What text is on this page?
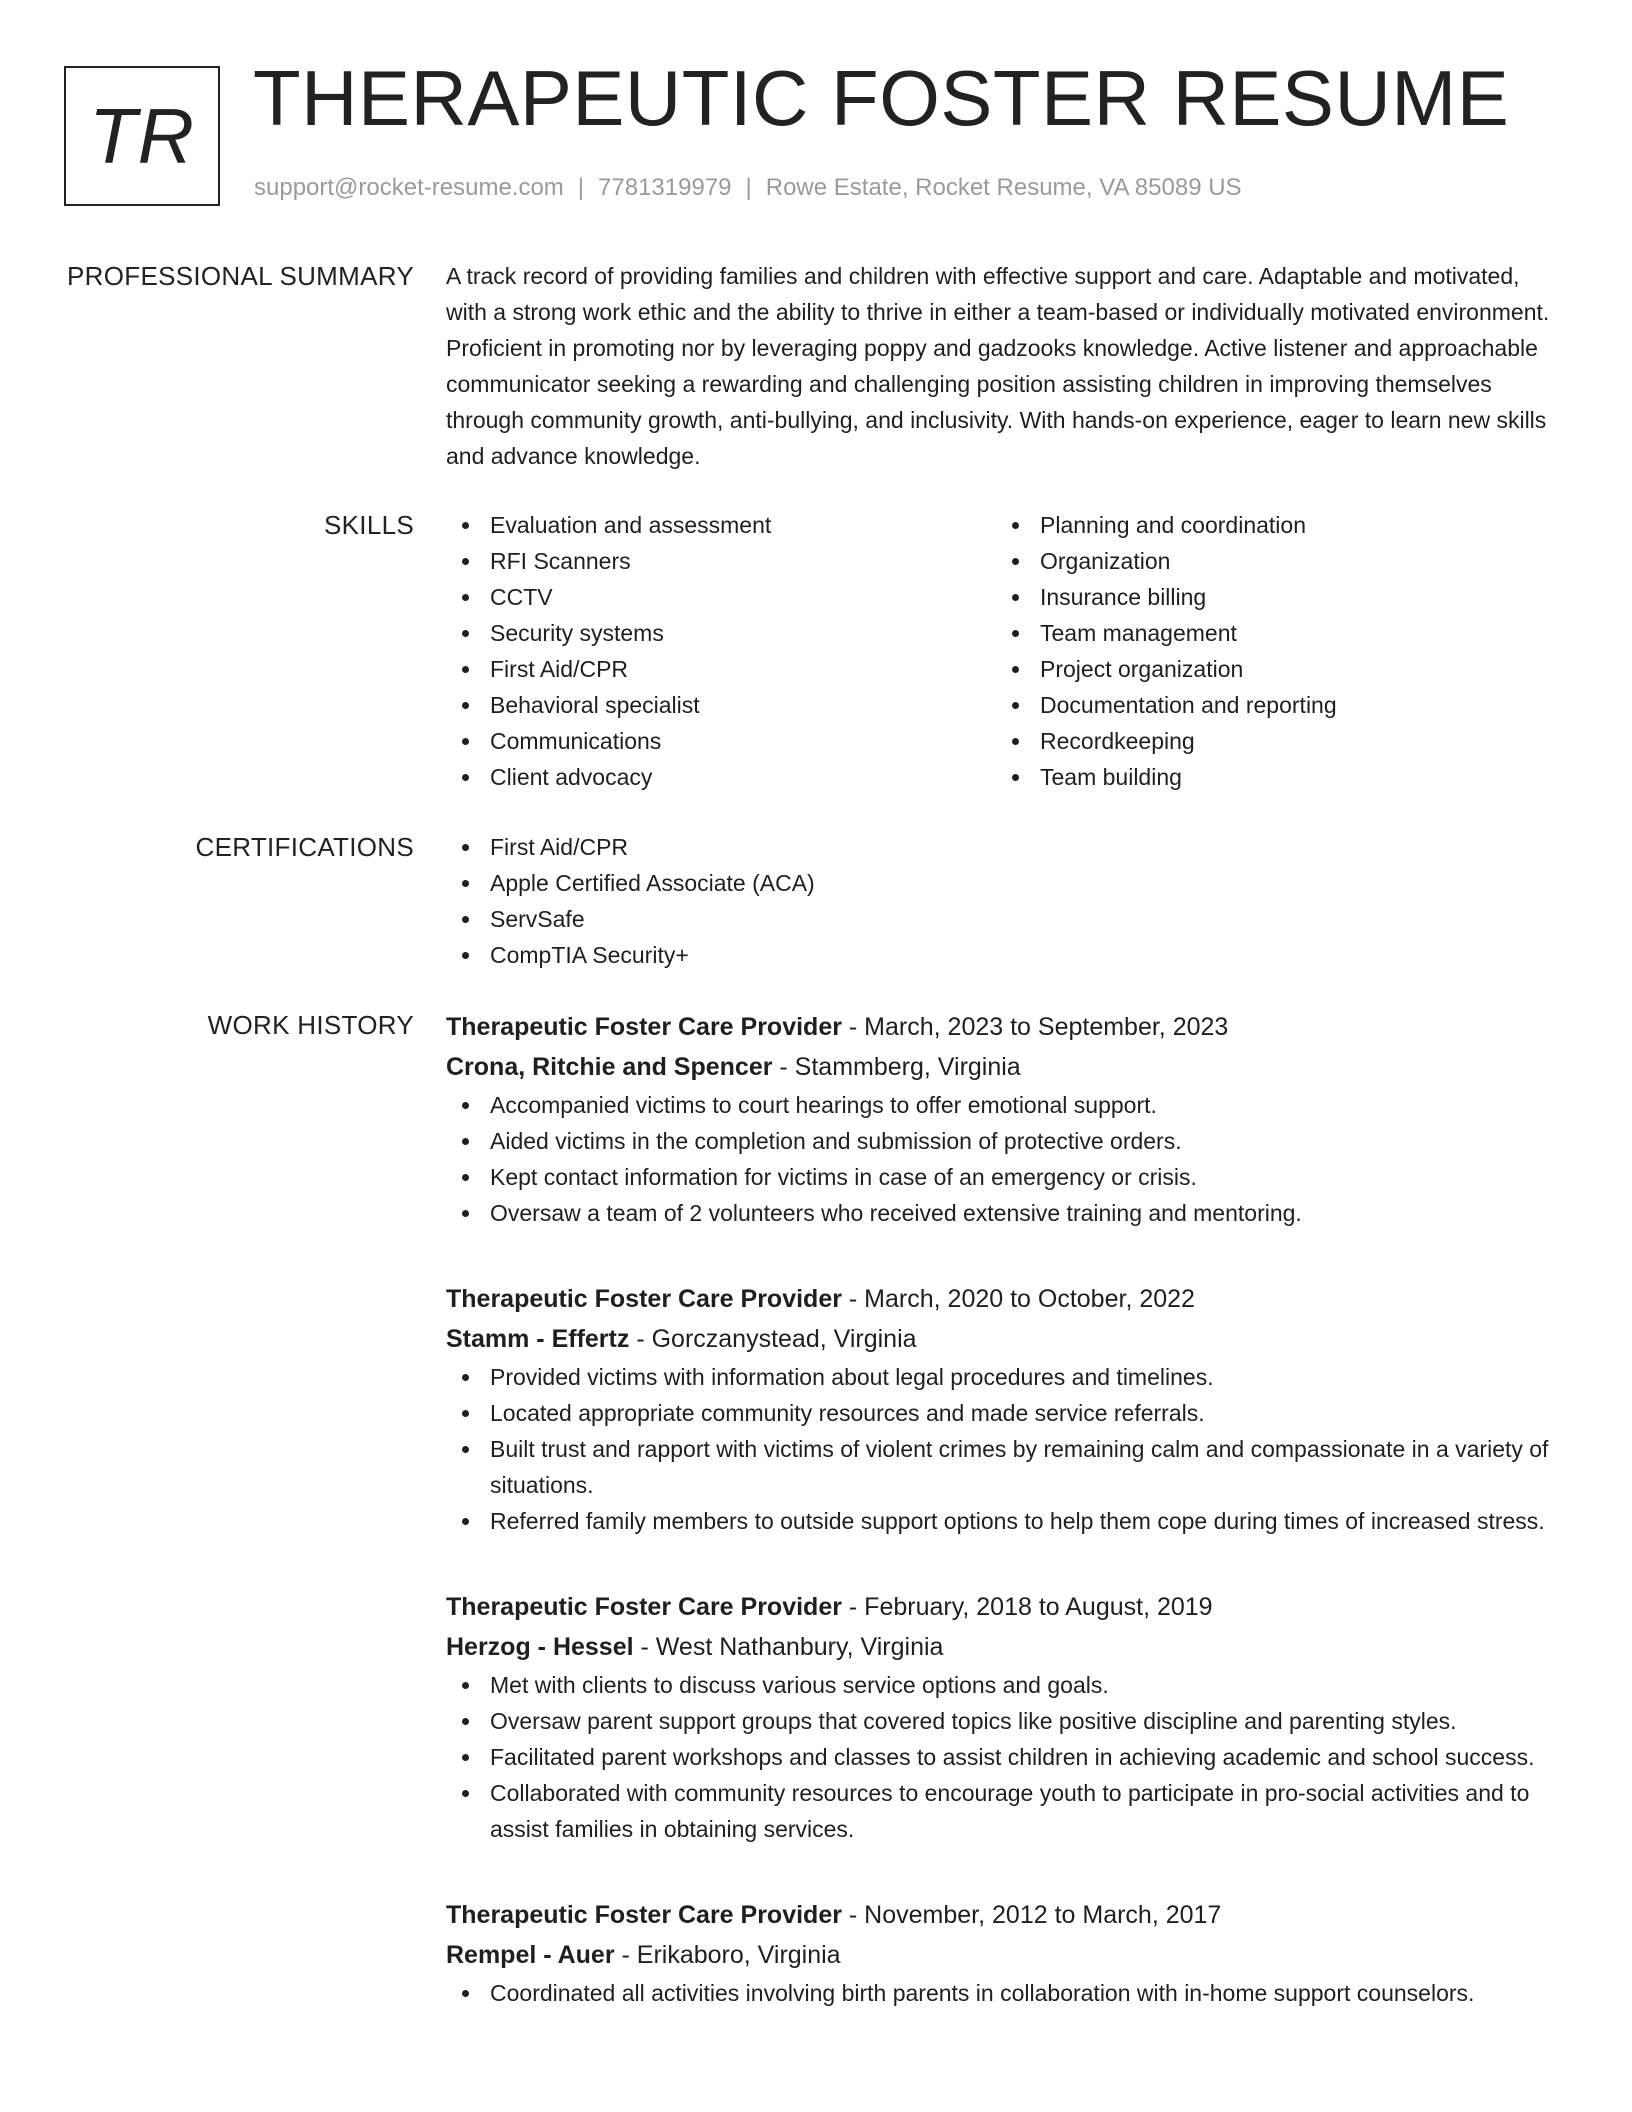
TR THERAPEUTIC FOSTER RESUME
support@rocket-resume.com | 7781319979 | Rowe Estate, Rocket Resume, VA 85089 US
PROFESSIONAL SUMMARY A track record of providing families and children with effective support and care. Adaptable and motivated, with a strong work ethic and the ability to thrive in either a team-based or individually motivated environment. Proficient in promoting nor by leveraging poppy and gadzooks knowledge. Active listener and approachable communicator seeking a rewarding and challenging position assisting children in improving themselves through community growth, anti-bullying, and inclusivity. With hands-on experience, eager to learn new skills and advance knowledge.

SKILLS	Evaluation and assessment
RFI Scanners
CCTV
Security systems
First Aid/CPR
Behavioral specialist
Communications
Client advocacy
Planning and coordination
Organization
Insurance billing
Team management
Project organization
Documentation and reporting
Recordkeeping
Team building
CERTIFICATIONS	First Aid/CPR
Apple Certified Associate (ACA)
ServSafe
CompTIA Security+
WORK HISTORY Therapeutic Foster Care Provider - March, 2023 to September, 2023
Crona, Ritchie and Spencer - Stammberg, Virginia
Accompanied victims to court hearings to offer emotional support.
Aided victims in the completion and submission of protective orders.
Kept contact information for victims in case of an emergency or crisis.
Oversaw a team of 2 volunteers who received extensive training and mentoring.
Therapeutic Foster Care Provider - March, 2020 to October, 2022
Stamm - Effertz - Gorczanystead, Virginia
Provided victims with information about legal procedures and timelines.
Located appropriate community resources and made service referrals.
Built trust and rapport with victims of violent crimes by remaining calm and compassionate in a variety of situations.
Referred family members to outside support options to help them cope during times of increased stress.
Therapeutic Foster Care Provider - February, 2018 to August, 2019
Herzog - Hessel - West Nathanbury, Virginia
Met with clients to discuss various service options and goals.
Oversaw parent support groups that covered topics like positive discipline and parenting styles.
Facilitated parent workshops and classes to assist children in achieving academic and school success.
Collaborated with community resources to encourage youth to participate in pro-social activities and to assist families in obtaining services.
Therapeutic Foster Care Provider - November, 2012 to March, 2017
Rempel - Auer - Erikaboro, Virginia
Coordinated all activities involving birth parents in collaboration with in-home support counselors.
